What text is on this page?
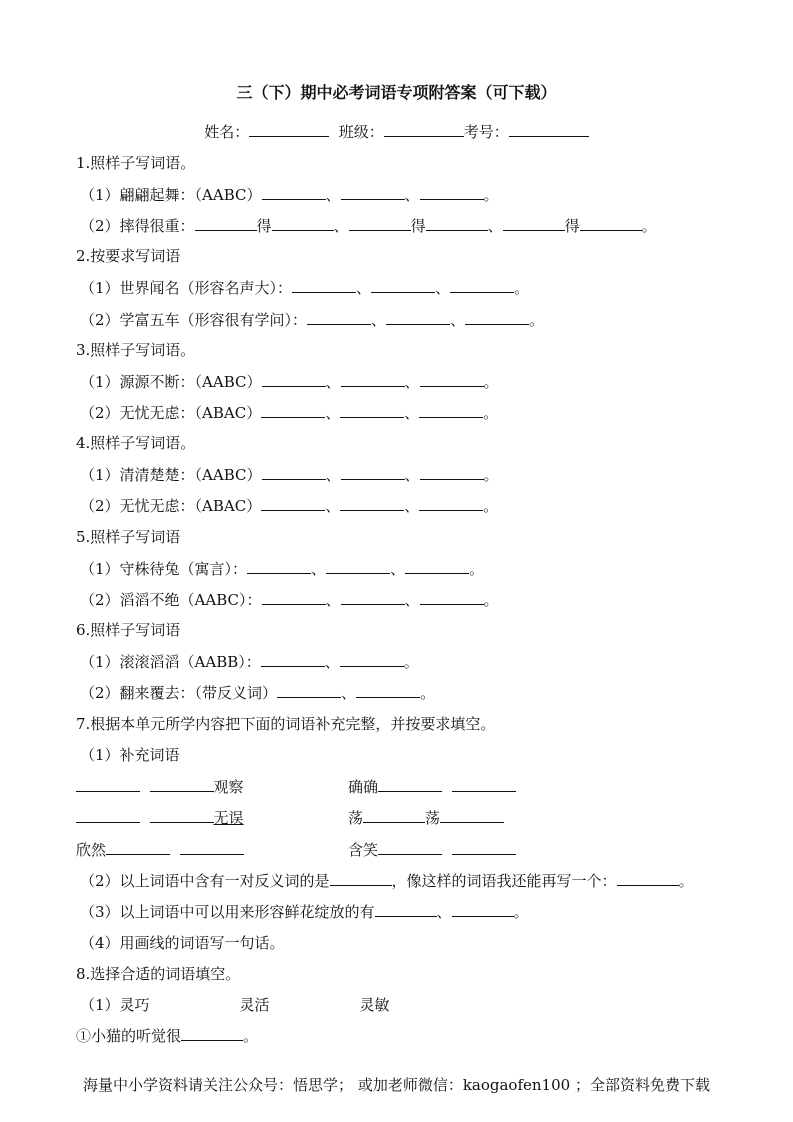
三（下）期中必考词语专项附答案（可下载）
姓名：	班级：	考号：
1.照样子写词语。
（1）翩翩起舞：（AABC）	、	、	。
（2）摔得很重：	得	、	得	、	得	。
2.按要求写词语
（1）世界闻名（形容名声大）：	、	、	。
（2）学富五车（形容很有学问）：	、	、	。
3.照样子写词语。
（1）源源不断：（AABC）	、	、	。
（2）无忧无虑：（ABAC）	、	、	。
4.照样子写词语。
（1）清清楚楚：（AABC）	、	、	。
（2）无忧无虑：（ABAC）	、	、	。
5.照样子写词语
（1）守株待兔（寓言）：	、	、	。
（2）滔滔不绝（AABC）：	、	、	。
6.照样子写词语
（1）滚滚滔滔（AABB）：	、	。
（2）翻来覆去：（带反义词）	、	。
7.根据本单元所学内容把下面的词语补充完整，并按要求填空。
（1）补充词语
观察	确确
无误	荡	荡
欣然	含笑
（2）以上词语中含有一对反义词的是	，像这样的词语我还能再写一个：	。
（3）以上词语中可以用来形容鲜花绽放的有	、	。
（4）用画线的词语写一句话。
8.选择合适的词语填空。
（1）灵巧	灵活	灵敏
①小猫的听觉很	。
海量中小学资料请关注公众号：悟思学； 或加老师微信：kaogaofen100 ；全部资料免费下载
